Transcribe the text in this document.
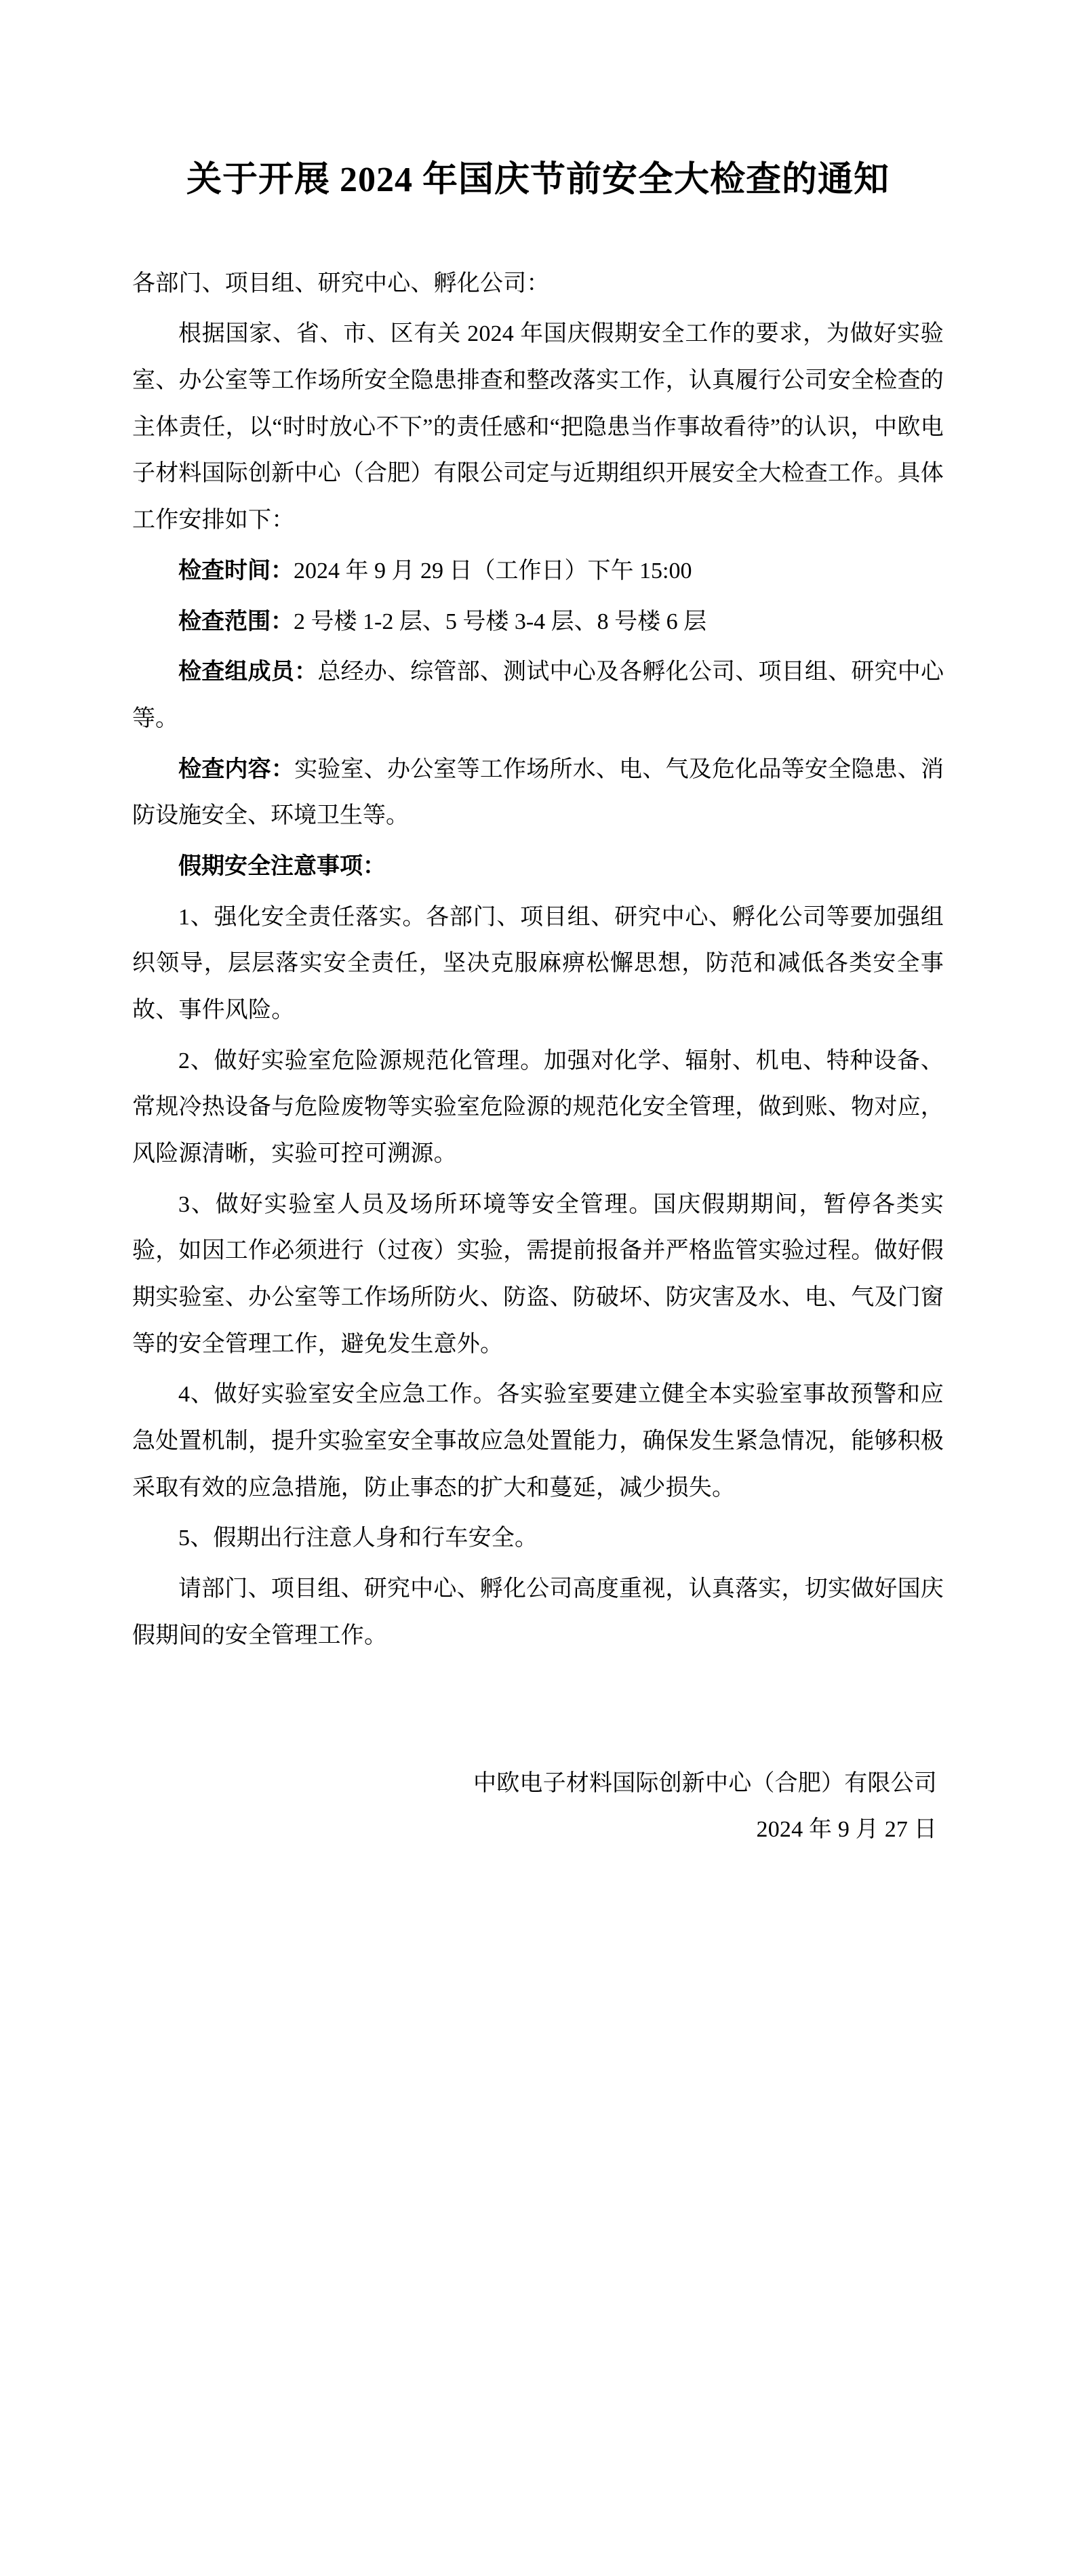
关于开展 2024 年国庆节前安全大检查的通知

各部门、项目组、研究中心、孵化公司：

根据国家、省、市、区有关 2024 年国庆假期安全工作的要求，为做好实验室、办公室等工作场所安全隐患排查和整改落实工作，认真履行公司安全检查的主体责任，以“时时放心不下”的责任感和“把隐患当作事故看待”的认识，中欧电子材料国际创新中心（合肥）有限公司定与近期组织开展安全大检查工作。具体工作安排如下：

检查时间：2024 年 9 月 29 日（工作日）下午 15:00

检查范围：2 号楼 1-2 层、5 号楼 3-4 层、8 号楼 6 层

检查组成员：总经办、综管部、测试中心及各孵化公司、项目组、研究中心等。

检查内容：实验室、办公室等工作场所水、电、气及危化品等安全隐患、消防设施安全、环境卫生等。

假期安全注意事项：

1、强化安全责任落实。各部门、项目组、研究中心、孵化公司等要加强组织领导，层层落实安全责任，坚决克服麻痹松懈思想，防范和减低各类安全事故、事件风险。

2、做好实验室危险源规范化管理。加强对化学、辐射、机电、特种设备、常规冷热设备与危险废物等实验室危险源的规范化安全管理，做到账、物对应，风险源清晰，实验可控可溯源。

3、做好实验室人员及场所环境等安全管理。国庆假期期间，暂停各类实验，如因工作必须进行（过夜）实验，需提前报备并严格监管实验过程。做好假期实验室、办公室等工作场所防火、防盗、防破坏、防灾害及水、电、气及门窗等的安全管理工作，避免发生意外。

4、做好实验室安全应急工作。各实验室要建立健全本实验室事故预警和应急处置机制，提升实验室安全事故应急处置能力，确保发生紧急情况，能够积极采取有效的应急措施，防止事态的扩大和蔓延，减少损失。

5、假期出行注意人身和行车安全。

请部门、项目组、研究中心、孵化公司高度重视，认真落实，切实做好国庆假期间的安全管理工作。

中欧电子材料国际创新中心（合肥）有限公司
2024 年 9 月 27 日
